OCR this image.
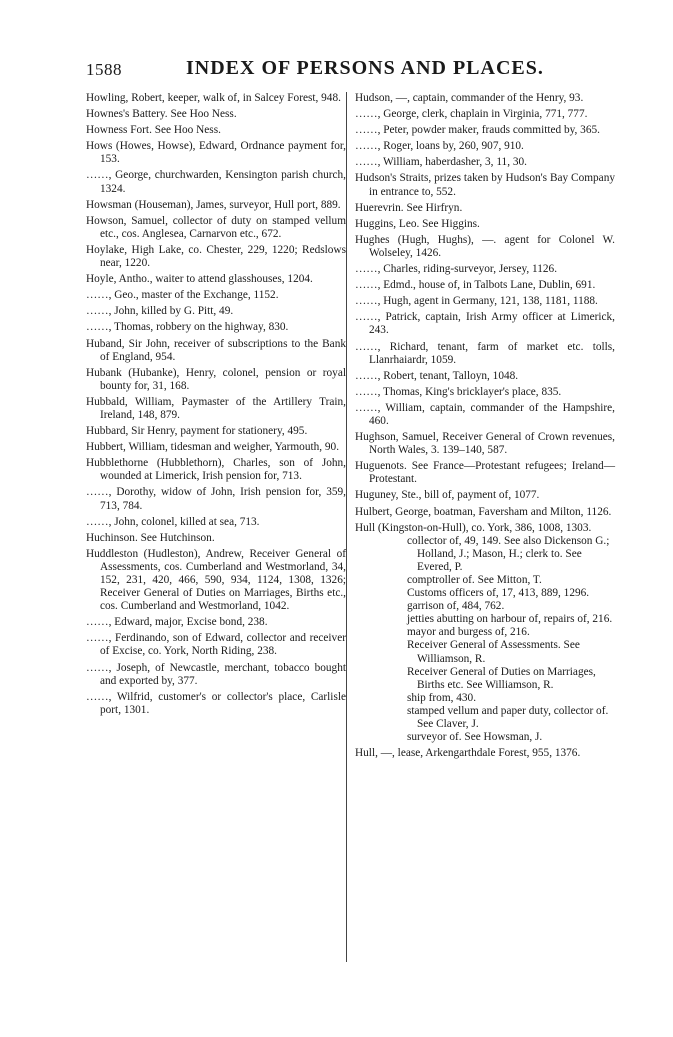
1588	INDEX OF PERSONS AND PLACES.

Howling, Robert, keeper, walk of, in Salcey Forest, 948.

Hownes's Battery. See Hoo Ness.

Howness Fort. See Hoo Ness.

Hows (Howes, Howse), Edward, Ordnance payment for, 153.

……, George, churchwarden, Kensington parish church, 1324.

Howsman (Houseman), James, surveyor, Hull port, 889.

Howson, Samuel, collector of duty on stamped vellum etc., cos. Anglesea, Carnarvon etc., 672.

Hoylake, High Lake, co. Chester, 229, 1220; Redslows near, 1220.

Hoyle, Antho., waiter to attend glasshouses, 1204.

……, Geo., master of the Exchange, 1152.

……, John, killed by G. Pitt, 49.

……, Thomas, robbery on the highway, 830.

Huband, Sir John, receiver of subscriptions to the Bank of England, 954.

Hubank (Hubanke), Henry, colonel, pension or royal bounty for, 31, 168.

Hubbald, William, Paymaster of the Artillery Train, Ireland, 148, 879.

Hubbard, Sir Henry, payment for stationery, 495.

Hubbert, William, tidesman and weigher, Yarmouth, 90.

Hubblethorne (Hubblethorn), Charles, son of John, wounded at Limerick, Irish pension for, 713.

……, Dorothy, widow of John, Irish pension for, 359, 713, 784.

……, John, colonel, killed at sea, 713.

Huchinson. See Hutchinson.

Huddleston (Hudleston), Andrew, Receiver General of Assessments, cos. Cumberland and Westmorland, 34, 152, 231, 420, 466, 590, 934, 1124, 1308, 1326; Receiver General of Duties on Marriages, Births etc., cos. Cumberland and Westmorland, 1042.

……, Edward, major, Excise bond, 238.

……, Ferdinando, son of Edward, collector and receiver of Excise, co. York, North Riding, 238.

……, Joseph, of Newcastle, merchant, tobacco bought and exported by, 377.

……, Wilfrid, customer's or collector's place, Carlisle port, 1301.

Hudson, —, captain, commander of the Henry, 93.

……, George, clerk, chaplain in Virginia, 771, 777.

……, Peter, powder maker, frauds committed by, 365.

……, Roger, loans by, 260, 907, 910.

……, William, haberdasher, 3, 11, 30.

Hudson's Straits, prizes taken by Hudson's Bay Company in entrance to, 552.

Huerevrin. See Hirfryn.

Huggins, Leo. See Higgins.

Hughes (Hugh, Hughs), —. agent for Colonel W. Wolseley, 1426.

……, Charles, riding-surveyor, Jersey, 1126.

……, Edmd., house of, in Talbots Lane, Dublin, 691.

……, Hugh, agent in Germany, 121, 138, 1181, 1188.

……, Patrick, captain, Irish Army officer at Limerick, 243.

……, Richard, tenant, farm of market etc. tolls, Llanrhaiardr, 1059.

……, Robert, tenant, Talloyn, 1048.

……, Thomas, King's bricklayer's place, 835.

……, William, captain, commander of the Hampshire, 460.

Hughson, Samuel, Receiver General of Crown revenues, North Wales, 3. 139–140, 587.

Huguenots. See France—Protestant refugees; Ireland—Protestant.

Huguney, Ste., bill of, payment of, 1077.

Hulbert, George, boatman, Faversham and Milton, 1126.

Hull (Kingston-on-Hull), co. York, 386, 1008, 1303.

collector of, 49, 149. See also Dickenson G.; Holland, J.; Mason, H.; clerk to. See Evered, P.

comptroller of. See Mitton, T.

Customs officers of, 17, 413, 889, 1296.

garrison of, 484, 762.

jetties abutting on harbour of, repairs of, 216.

mayor and burgess of, 216.

Receiver General of Assessments. See Williamson, R.

Receiver General of Duties on Marriages, Births etc. See Williamson, R.

ship from, 430.

stamped vellum and paper duty, collector of. See Claver, J.

surveyor of. See Howsman, J.

Hull, —, lease, Arkengarthdale Forest, 955, 1376.
